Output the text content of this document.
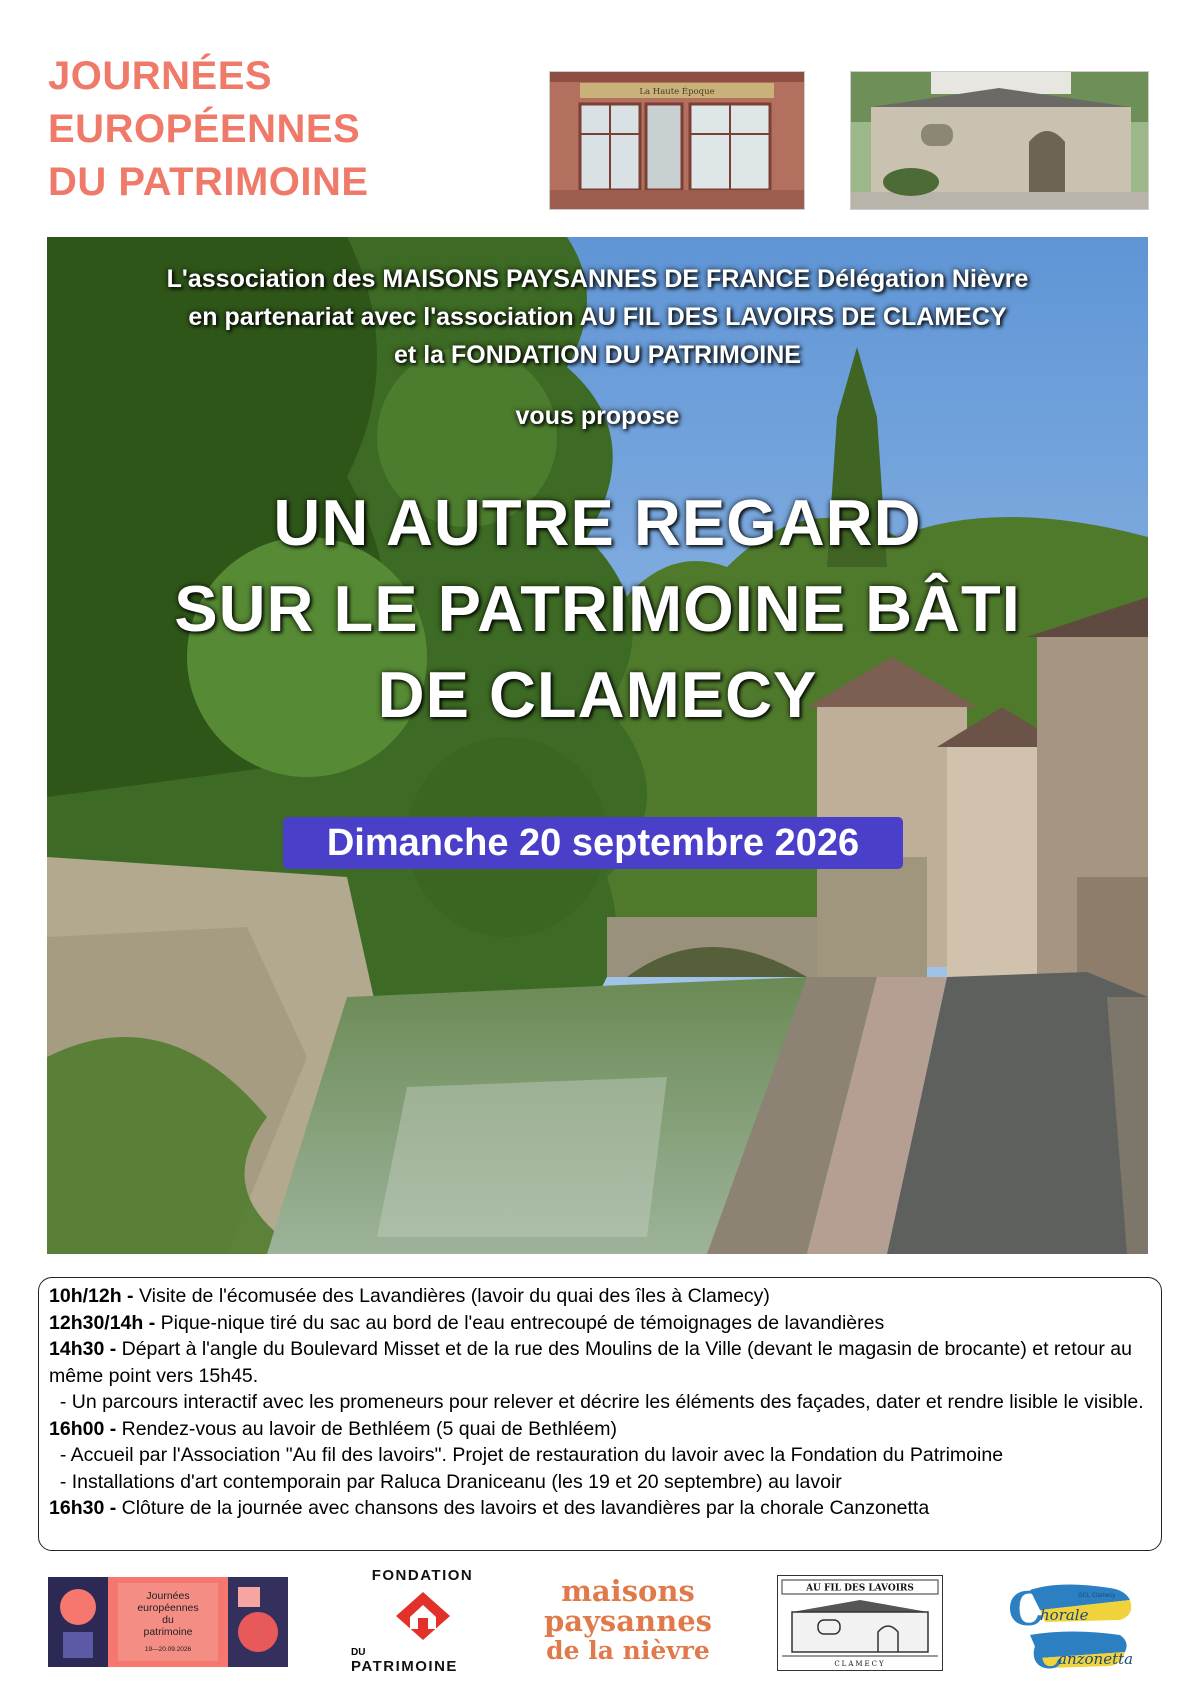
JOURNÉES
EUROPÉENNES
DU PATRIMOINE
La Haute Époque
L'association des MAISONS PAYSANNES DE FRANCE Délégation Nièvre
en partenariat avec l'association AU FIL DES LAVOIRS DE CLAMECY
et la FONDATION DU PATRIMOINE
vous propose
UN AUTRE REGARD
SUR LE PATRIMOINE BÂTI
DE CLAMECY
Dimanche 20 septembre 2026
10h/12h - Visite de l'écomusée des Lavandières (lavoir du quai des îles à Clamecy)
12h30/14h - Pique-nique tiré du sac au bord de l'eau entrecoupé de témoignages de lavandières
14h30 - Départ à l'angle du Boulevard Misset et de la rue des Moulins de la Ville (devant le magasin de brocante) et retour au même point vers 15h45.
- Un parcours interactif avec les promeneurs pour relever et décrire les éléments des façades, dater et rendre lisible le visible.
16h00 - Rendez-vous au lavoir de Bethléem (5 quai de Bethléem)
- Accueil par l'Association "Au fil des lavoirs". Projet de restauration du lavoir avec la Fondation du Patrimoine
- Installations d'art contemporain par Raluca Draniceanu (les 19 et 20 septembre) au lavoir
16h30 - Clôture de la journée avec chansons des lavoirs et des lavandières par la chorale Canzonetta
Journées
européennes
du
patrimoine
19—20.09.2026
FONDATION
DU
PATRIMOINE
maisons
paysannes
de la nièvre
AU FIL DES LAVOIRS
CLAMECY
C
C
GCL Clamecy
horale
anzonetta
